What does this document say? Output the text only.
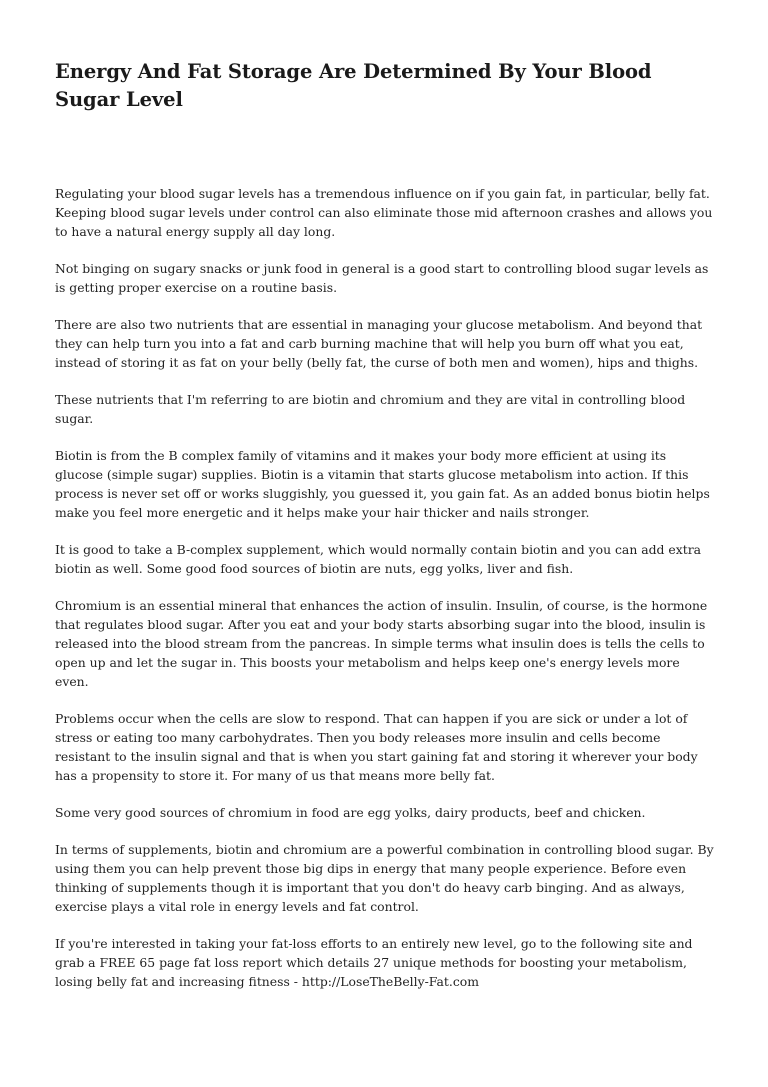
Energy And Fat Storage Are Determined By Your Blood Sugar Level

Regulating your blood sugar levels has a tremendous influence on if you gain fat, in particular, belly fat. Keeping blood sugar levels under control can also eliminate those mid afternoon crashes and allows you to have a natural energy supply all day long.

Not binging on sugary snacks or junk food in general is a good start to controlling blood sugar levels as is getting proper exercise on a routine basis.

There are also two nutrients that are essential in managing your glucose metabolism. And beyond that they can help turn you into a fat and carb burning machine that will help you burn off what you eat, instead of storing it as fat on your belly (belly fat, the curse of both men and women), hips and thighs.

These nutrients that I'm referring to are biotin and chromium and they are vital in controlling blood sugar.

Biotin is from the B complex family of vitamins and it makes your body more efficient at using its glucose (simple sugar) supplies. Biotin is a vitamin that starts glucose metabolism into action. If this process is never set off or works sluggishly, you guessed it, you gain fat. As an added bonus biotin helps make you feel more energetic and it helps make your hair thicker and nails stronger.

It is good to take a B-complex supplement, which would normally contain biotin and you can add extra biotin as well. Some good food sources of biotin are nuts, egg yolks, liver and fish.

Chromium is an essential mineral that enhances the action of insulin. Insulin, of course, is the hormone that regulates blood sugar. After you eat and your body starts absorbing sugar into the blood, insulin is released into the blood stream from the pancreas. In simple terms what insulin does is tells the cells to open up and let the sugar in. This boosts your metabolism and helps keep one's energy levels more even.

Problems occur when the cells are slow to respond. That can happen if you are sick or under a lot of stress or eating too many carbohydrates. Then you body releases more insulin and cells become resistant to the insulin signal and that is when you start gaining fat and storing it wherever your body has a propensity to store it. For many of us that means more belly fat.

Some very good sources of chromium in food are egg yolks, dairy products, beef and chicken.

In terms of supplements, biotin and chromium are a powerful combination in controlling blood sugar. By using them you can help prevent those big dips in energy that many people experience. Before even thinking of supplements though it is important that you don't do heavy carb binging. And as always, exercise plays a vital role in energy levels and fat control.

If you're interested in taking your fat-loss efforts to an entirely new level, go to the following site and grab a FREE 65 page fat loss report which details 27 unique methods for boosting your metabolism, losing belly fat and increasing fitness - http://LoseTheBelly-Fat.com
